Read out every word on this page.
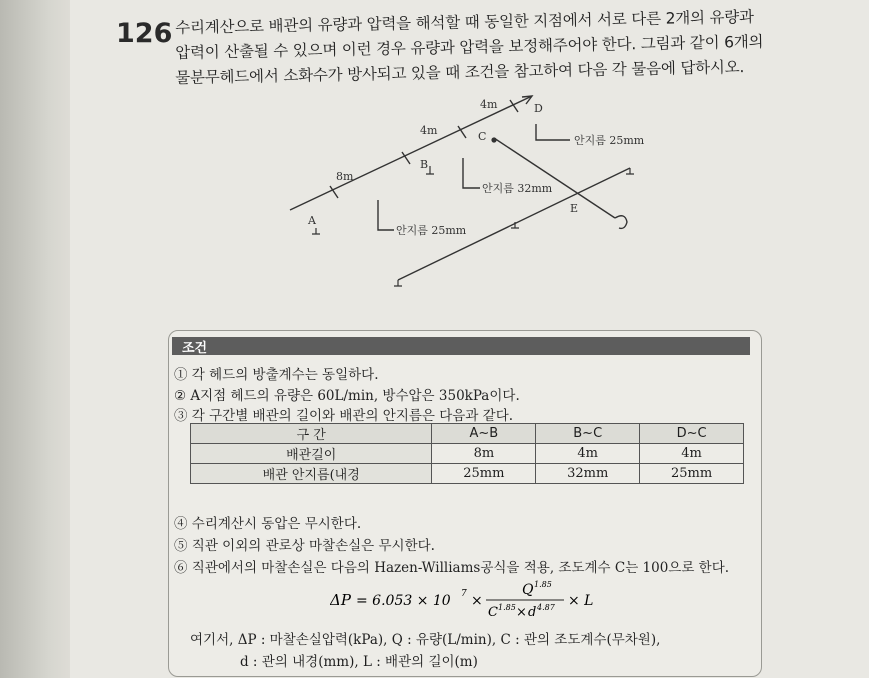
126 수리계산으로 배관의 유량과 압력을 해석할 때 동일한 지점에서 서로 다른 2개의 유량과
압력이 산출될 수 있으며 이런 경우 유량과 압력을 보정해주어야 한다. 그림과 같이 6개의
물분무헤드에서 소화수가 방사되고 있을 때 조건을 참고하여 다음 각 물음에 답하시오.
8m
4m
4m
A
B
C
D
E
안지름 25mm
안지름 32mm
안지름 25mm
조건
① 각 헤드의 방출계수는 동일하다.
② A지점 헤드의 유량은 60L/min, 방수압은 350kPa이다.
③ 각 구간별 배관의 길이와 배관의 안지름은 다음과 같다.
구 간	A~B	B~C	D~C
배관길이	8m	4m	4m
배관 안지름(내경	25mm	32mm	25mm
④ 수리계산시 동압은 무시한다.
⑤ 직관 이외의 관로상 마찰손실은 무시한다.
⑥ 직관에서의 마찰손실은 다음의 Hazen-Williams공식을 적용, 조도계수 C는 100으로 한다.
ΔP = 6.053 × 10 7 ×
Q 1.85
C 1.85 × d 4.87 × L
여기서, ΔP : 마찰손실압력(kPa), Q : 유량(L/min), C : 관의 조도계수(무차원),
d : 관의 내경(mm), L : 배관의 길이(m)
